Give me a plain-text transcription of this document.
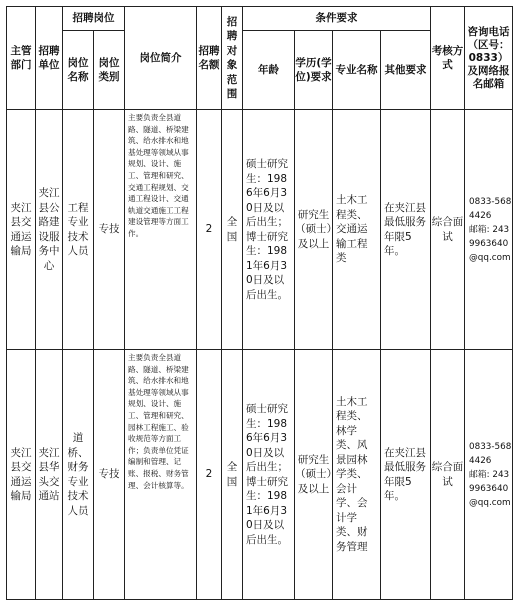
主管部门	招聘单位	招聘岗位		岗位简介	招聘名额	招聘对象范围	条件要求				考核方式	咨询电话（区号：0833）及网络报名邮箱
		岗位名称	岗位类别				年龄	学历(学位)要求	专业名称	其他要求		
夹江县交通运输局	夹江县公路建设服务中心	工程专业技术人员	专技	主要负责全县道路、隧道、桥梁建筑、给水排水和地基处理等领域从事规划、设计、施工、管理和研究、交通工程规划、交通工程设计、交通轨道交通施工工程建设管理等方面工作。	2	全国	硕士研究生：1986年6月30日及以后出生；博士研究生：1981年6月30日及以后出生。	研究生（硕士）及以上	土木工程类、交通运输工程类	在夹江县最低服务年限5年。	综合面试	0833-5684426
邮箱: 2439963640@qq.com
夹江县交通运输局	夹江县华头交通站	道桥、财务专业技术人员	专技	主要负责全县道路、隧道、桥梁建筑、给水排水和地基处理等领域从事规划、设计、施工、管理和研究、园林工程施工、验收规范等方面工作；负责单位凭证编制和管理、记账、报税、财务管理、会计核算等。	2	全国	硕士研究生：1986年6月30日及以后出生；博士研究生：1981年6月30日及以后出生。	研究生（硕士）及以上	土木工程类、林学类、风景园林学类、会计学、会计学类、财务管理	在夹江县最低服务年限5年。	综合面试	0833-5684426
邮箱: 2439963640@qq.com
